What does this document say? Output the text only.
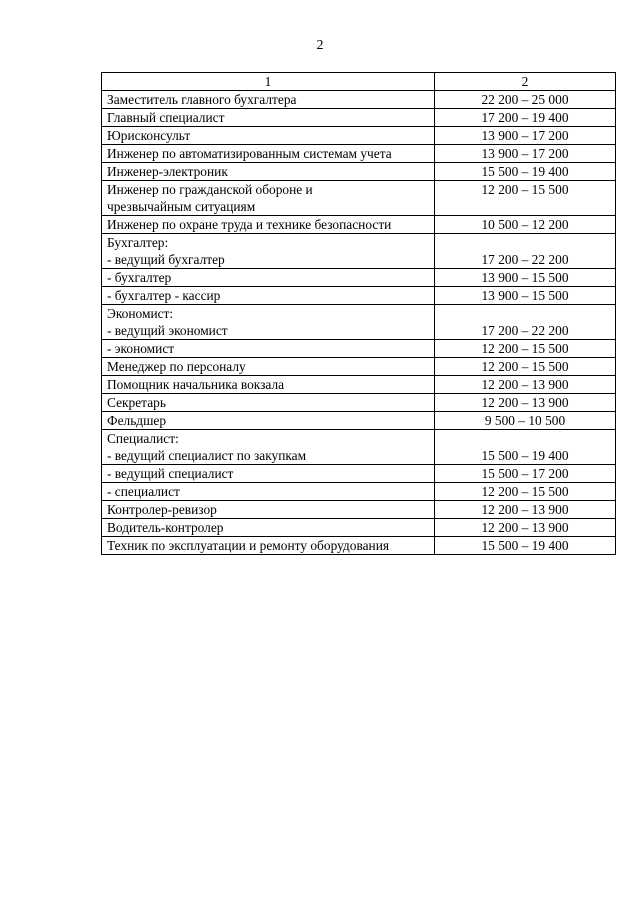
2
1	2

Заместитель главного бухгалтера	22 200 – 25 000

Главный специалист	17 200 – 19 400

Юрисконсульт	13 900 – 17 200

Инженер по автоматизированным системам учета	13 900 – 17 200

Инженер-электроник	15 500 – 19 400

Инженер по гражданской обороне и
чрезвычайным ситуациям	12 200 – 15 500

Инженер по охране труда и технике безопасности	10 500 – 12 200

Бухгалтер:
- ведущий бухгалтер	17 200 – 22 200

- бухгалтер	13 900 – 15 500

- бухгалтер - кассир	13 900 – 15 500

Экономист:
- ведущий экономист	17 200 – 22 200

- экономист	12 200 – 15 500

Менеджер по персоналу	12 200 – 15 500

Помощник начальника вокзала	12 200 – 13 900

Секретарь	12 200 – 13 900

Фельдшер	9 500 – 10 500

Специалист:
- ведущий специалист по закупкам	15 500 – 19 400

- ведущий специалист	15 500 – 17 200

- специалист	12 200 – 15 500

Контролер-ревизор	12 200 – 13 900

Водитель-контролер	12 200 – 13 900

Техник по эксплуатации и ремонту оборудования	15 500 – 19 400
